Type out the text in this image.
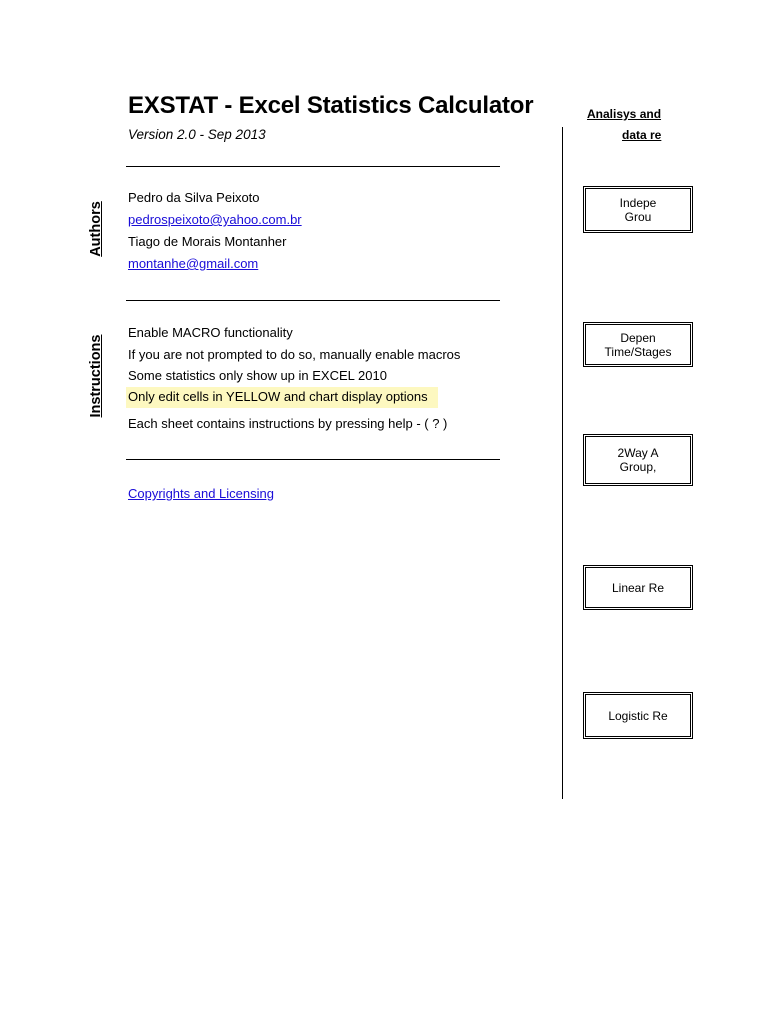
EXSTAT - Excel Statistics Calculator
Version 2.0 - Sep 2013
Authors
Pedro da Silva Peixoto
pedrospeixoto@yahoo.com.br
Tiago de Morais Montanher
montanhe@gmail.com
Instructions
Enable MACRO functionality
If you are not prompted to do so, manually enable macros
Some statistics only show up in EXCEL 2010
Only edit cells in YELLOW and chart display options
Each sheet contains instructions by pressing help - ( ? )
Copyrights and Licensing
Analisys and
data re
Indepe
Grou
Depen
Time/Stages
2Way A
Group,
Linear Re
Logistic Re
